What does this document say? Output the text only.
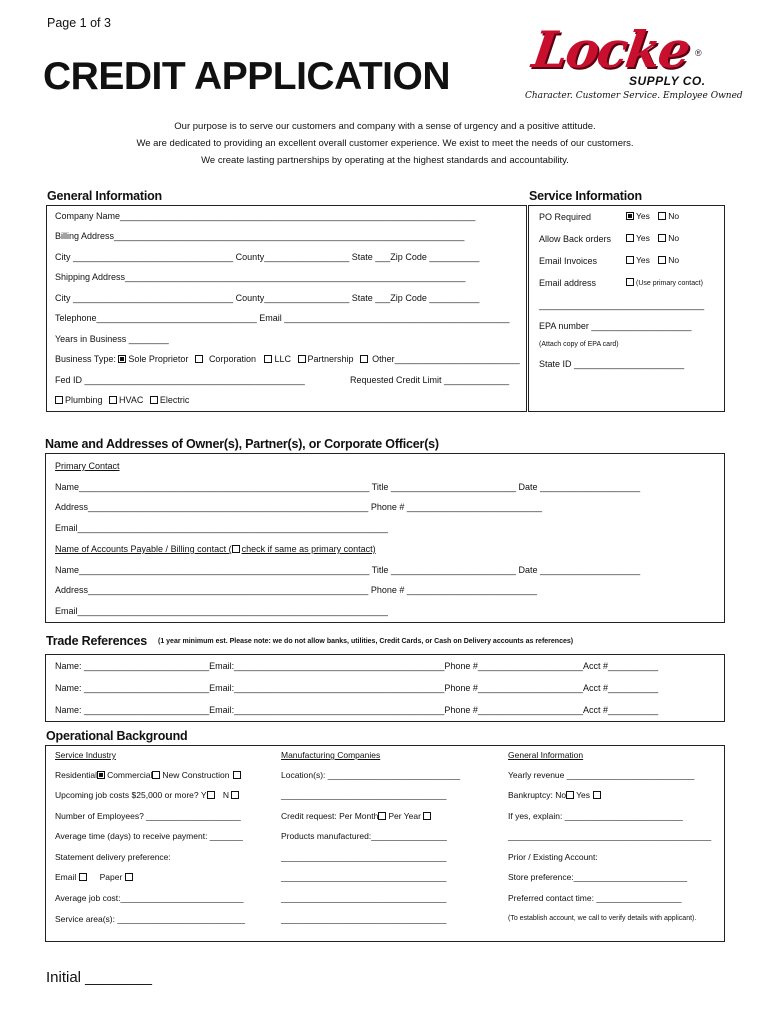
Page 1 of 3
CREDIT APPLICATION Locke ®
SUPPLY CO.
Character. Customer Service. Employee Owned
Our purpose is to serve our customers and company with a sense of urgency and a positive attitude.
We are dedicated to providing an excellent overall customer experience. We exist to meet the needs of our customers.
We create lasting partnerships by operating at the highest standards and accountability.
General Information
Company Name_______________________________________________________________________
Billing Address______________________________________________________________________
City ________________________________ County_________________ State ___Zip Code __________
Shipping Address____________________________________________________________________
City ________________________________ County_________________ State ___Zip Code __________
Telephone________________________________ Email _____________________________________________
Years in Business ________
Business Type: Sole Proprietor Corporation LLC Partnership Other_________________________
Fed ID ____________________________________________	Requested Credit Limit _____________
Plumbing HVAC Electric
Service Information
PO Required	Yes No
Allow Back orders	Yes No
Email Invoices	Yes No
Email address	(Use primary contact)
_________________________________
EPA number ____________________
(Attach copy of EPA card)
State ID ______________________
Name and Addresses of Owner(s), Partner(s), or Corporate Officer(s)
Primary Contact
Name__________________________________________________________ Title _________________________ Date ____________________
Address________________________________________________________ Phone # ___________________________
Email______________________________________________________________
Name of Accounts Payable / Billing contact ( check if same as primary contact)
Name__________________________________________________________ Title _________________________ Date ____________________
Address________________________________________________________ Phone # __________________________
Email______________________________________________________________
Trade References (1 year minimum est. Please note: we do not allow banks, utilities, Credit Cards, or Cash on Delivery accounts as references)
Name: _________________________Email:__________________________________________Phone #_____________________Acct #__________
Name: _________________________Email:__________________________________________Phone #_____________________Acct #__________
Name: _________________________Email:__________________________________________Phone #_____________________Acct #__________
Operational Background
Service Industry
Residential Commercial New Construction
Upcoming job costs $25,000 or more? Y N
Number of Employees? ____________________
Average time (days) to receive payment: _______
Statement delivery preference:
Email	Paper
Average job cost:__________________________
Service area(s): ___________________________
Manufacturing Companies
Location(s): ____________________________
___________________________________
Credit request: Per Month Per Year
Products manufactured:________________
___________________________________
___________________________________
___________________________________
___________________________________
General Information
Yearly revenue ___________________________
Bankruptcy: No Yes
If yes, explain: _________________________
___________________________________________
Prior / Existing Account:
Store preference:________________________
Preferred contact time: __________________
(To establish account, we call to verify details with applicant).
Initial ________
